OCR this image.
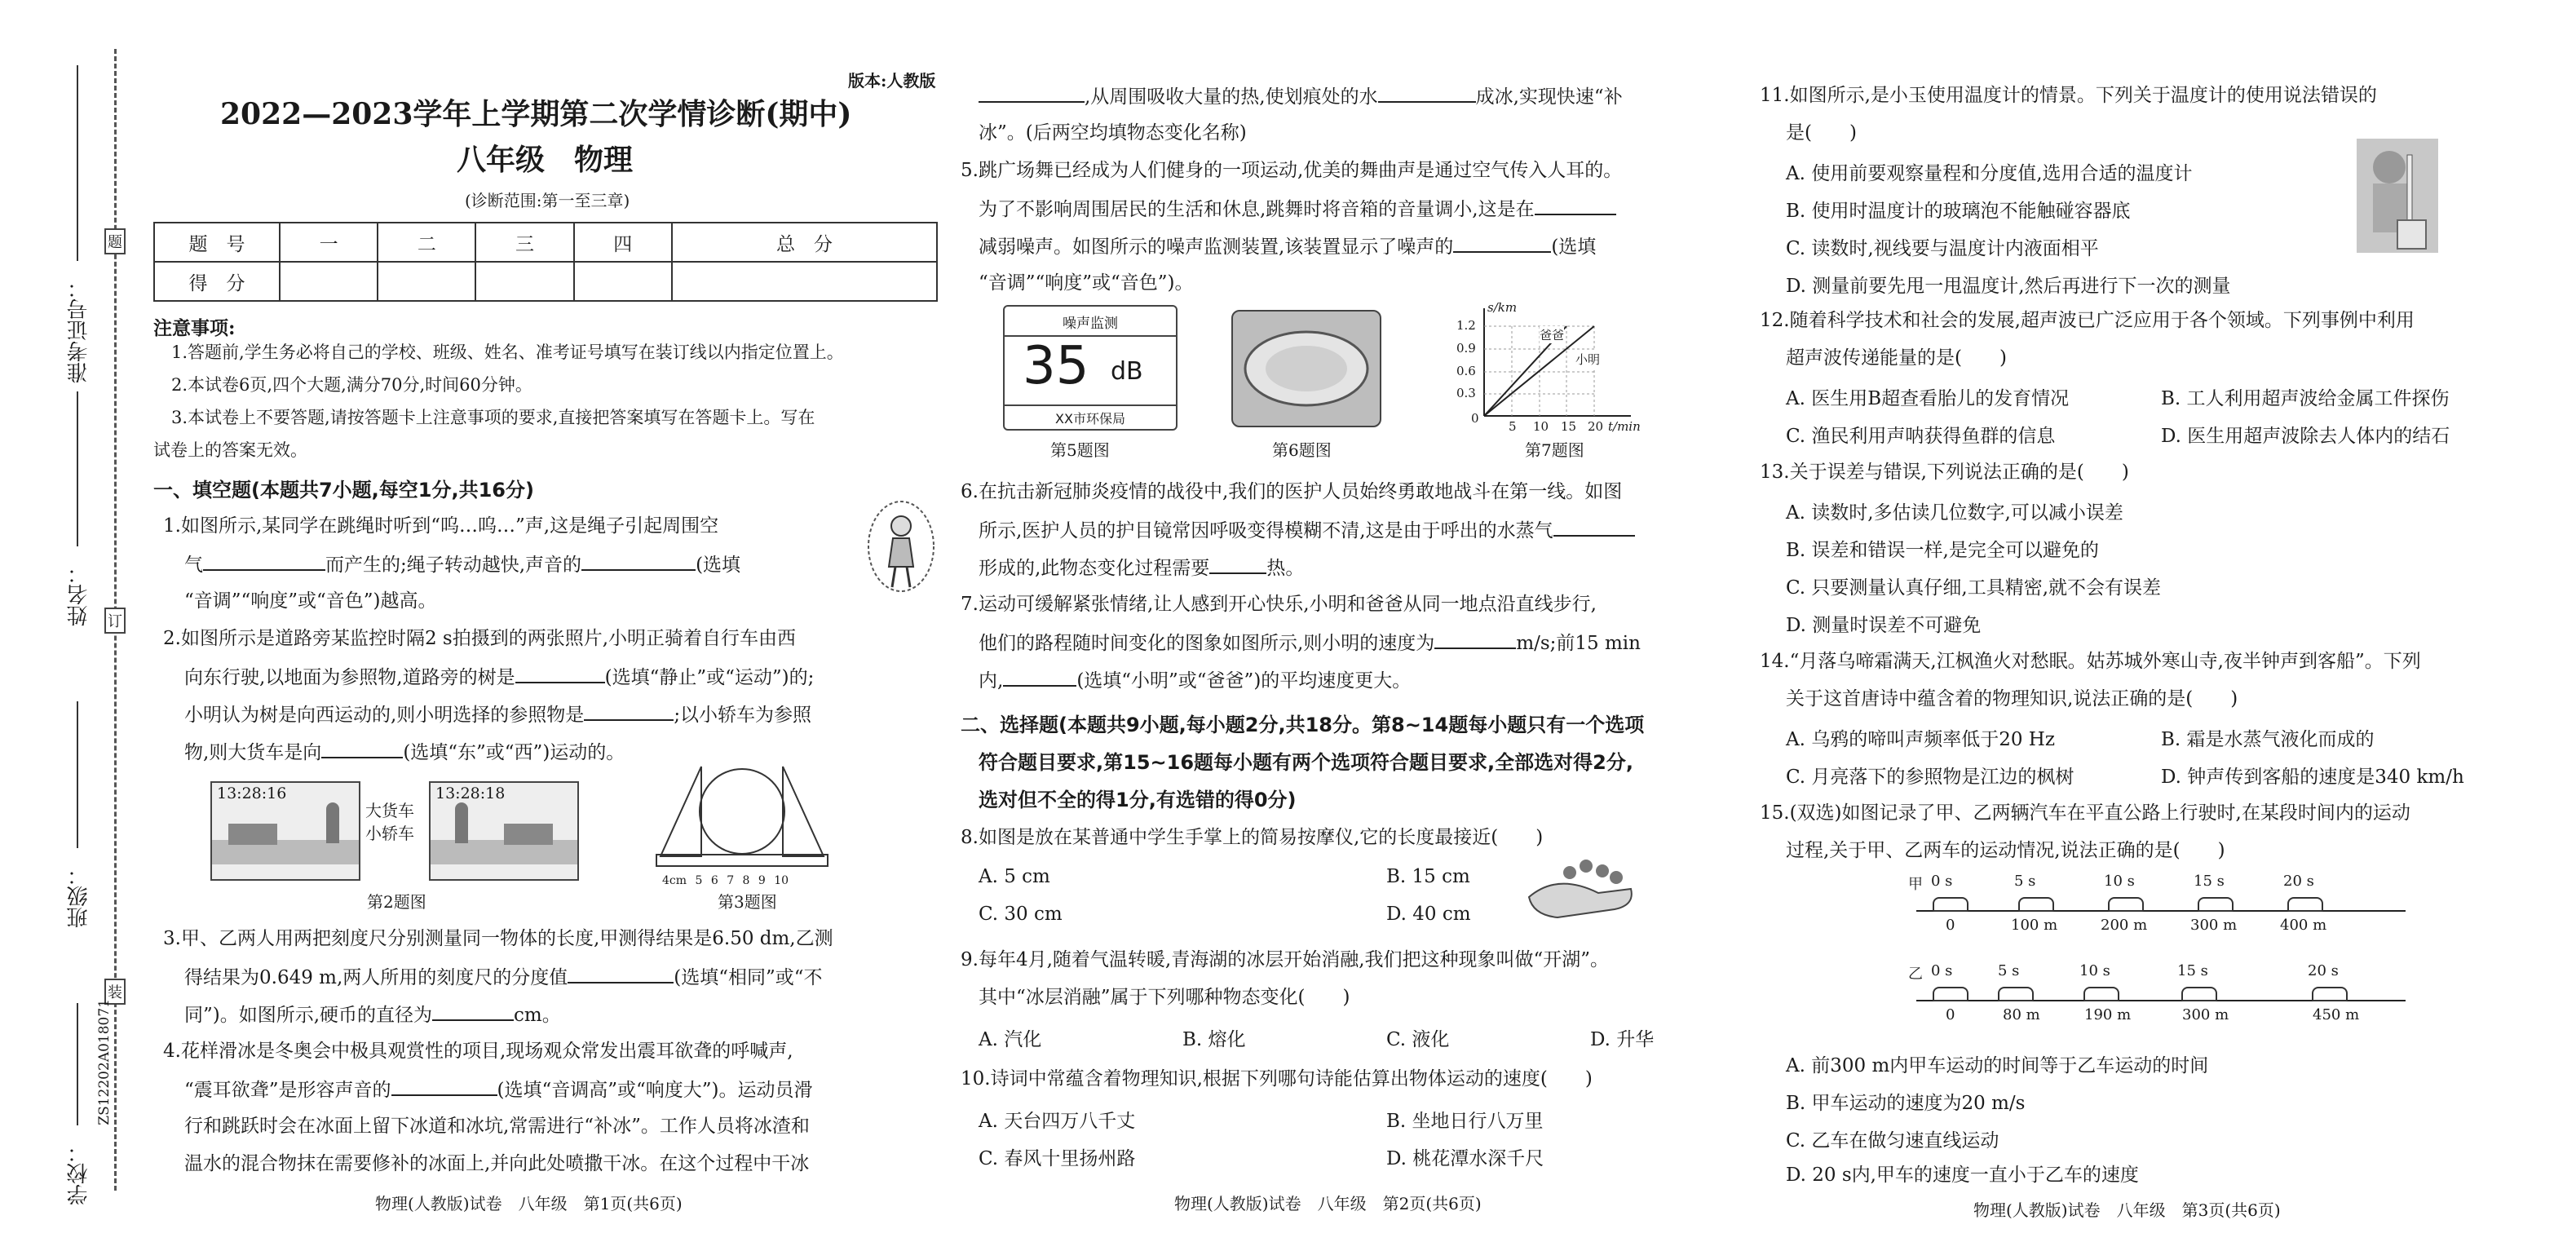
题
订
装
准考证号：
姓名：
班级：
学校：
ZS12202A018071
版本:人教版
2022—2023学年上学期第二次学情诊断(期中)
八年级　物理
(诊断范围:第一至三章)
题　号	一	二	三	四	总　分
得　分					
注意事项:
1.答题前,学生务必将自己的学校、班级、姓名、准考证号填写在装订线以内指定位置上。
2.本试卷6页,四个大题,满分70分,时间60分钟。
3.本试卷上不要答题,请按答题卡上注意事项的要求,直接把答案填写在答题卡上。写在
试卷上的答案无效。
一、填空题(本题共7小题,每空1分,共16分)
1.如图所示,某同学在跳绳时听到“呜…呜…”声,这是绳子引起周围空
气	而产生的;绳子转动越快,声音的	(选填
“音调”“响度”或“音色”)越高。
2.如图所示是道路旁某监控时隔2 s拍摄到的两张照片,小明正骑着自行车由西
向东行驶,以地面为参照物,道路旁的树是	(选填“静止”或“运动”)的;
小明认为树是向西运动的,则小明选择的参照物是	;以小轿车为参照
物,则大货车是向	(选填“东”或“西”)运动的。
13:28:16
大货车
小轿车
13:28:18
第2题图
4cm 5 6 7 8 9 10
第3题图
3.甲、乙两人用两把刻度尺分别测量同一物体的长度,甲测得结果是6.50 dm,乙测
得结果为0.649 m,两人所用的刻度尺的分度值	(选填“相同”或“不
同”)。如图所示,硬币的直径为	cm。
4.花样滑冰是冬奥会中极具观赏性的项目,现场观众常发出震耳欲聋的呼喊声,
“震耳欲聋”是形容声音的	(选填“音调高”或“响度大”)。运动员滑
行和跳跃时会在冰面上留下冰道和冰坑,常需进行“补冰”。工作人员将冰渣和
物理(人教版)试卷　八年级　第1页(共6页)
温水的混合物抹在需要修补的冰面上,并向此处喷撒干冰。在这个过程中干冰
,从周围吸收大量的热,使划痕处的水	成冰,实现快速“补
冰”。(后两空均填物态变化名称)
5.跳广场舞已经成为人们健身的一项运动,优美的舞曲声是通过空气传入人耳的。
为了不影响周围居民的生活和休息,跳舞时将音箱的音量调小,这是在
减弱噪声。如图所示的噪声监测装置,该装置显示了噪声的	(选填
“音调”“响度”或“音色”)。
噪声监测
35 dB
XX市环保局
第5题图	第6题图
s/km
1.2
0.9
0.6
0.3
0
5 10 15 20 t/min
爸爸
小明
第7题图
6.在抗击新冠肺炎疫情的战役中,我们的医护人员始终勇敢地战斗在第一线。如图
所示,医护人员的护目镜常因呼吸变得模糊不清,这是由于呼出的水蒸气
形成的,此物态变化过程需要	热。
7.运动可缓解紧张情绪,让人感到开心快乐,小明和爸爸从同一地点沿直线步行,
他们的路程随时间变化的图象如图所示,则小明的速度为	m/s;前15 min
内,	(选填“小明”或“爸爸”)的平均速度更大。
二、选择题(本题共9小题,每小题2分,共18分。第8~14题每小题只有一个选项
符合题目要求,第15~16题每小题有两个选项符合题目要求,全部选对得2分,
选对但不全的得1分,有选错的得0分)
8.如图是放在某普通中学生手掌上的简易按摩仪,它的长度最接近(　　)
A. 5 cm	B. 15 cm
C. 30 cm	D. 40 cm
9.每年4月,随着气温转暖,青海湖的冰层开始消融,我们把这种现象叫做“开湖”。
其中“冰层消融”属于下列哪种物态变化(　　)
A. 汽化	B. 熔化	C. 液化	D. 升华
10.诗词中常蕴含着物理知识,根据下列哪句诗能估算出物体运动的速度(　　)
A. 天台四万八千丈	B. 坐地日行八万里
C. 春风十里扬州路	D. 桃花潭水深千尺
物理(人教版)试卷　八年级　第2页(共6页)
11.如图所示,是小玉使用温度计的情景。下列关于温度计的使用说法错误的
是(　　)
A. 使用前要观察量程和分度值,选用合适的温度计
B. 使用时温度计的玻璃泡不能触碰容器底
C. 读数时,视线要与温度计内液面相平
D. 测量前要先甩一甩温度计,然后再进行下一次的测量
12.随着科学技术和社会的发展,超声波已广泛应用于各个领域。下列事例中利用
超声波传递能量的是(　　)
A. 医生用B超查看胎儿的发育情况	B. 工人利用超声波给金属工件探伤
C. 渔民利用声呐获得鱼群的信息	D. 医生用超声波除去人体内的结石
13.关于误差与错误,下列说法正确的是(　　)
A. 读数时,多估读几位数字,可以减小误差
B. 误差和错误一样,是完全可以避免的
C. 只要测量认真仔细,工具精密,就不会有误差
D. 测量时误差不可避免
14.“月落乌啼霜满天,江枫渔火对愁眠。姑苏城外寒山寺,夜半钟声到客船”。下列
关于这首唐诗中蕴含着的物理知识,说法正确的是(　　)
A. 乌鸦的啼叫声频率低于20 Hz	B. 霜是水蒸气液化而成的
C. 月亮落下的参照物是江边的枫树	D. 钟声传到客船的速度是340 km/h
15.(双选)如图记录了甲、乙两辆汽车在平直公路上行驶时,在某段时间内的运动
过程,关于甲、乙两车的运动情况,说法正确的是(　　)
甲 0 s	5 s	10 s	15 s	20 s
0	100 m	200 m	300 m	400 m
乙 0 s	5 s	10 s	15 s	20 s
0	80 m	190 m	300 m	450 m
A. 前300 m内甲车运动的时间等于乙车运动的时间
B. 甲车运动的速度为20 m/s
C. 乙车在做匀速直线运动
D. 20 s内,甲车的速度一直小于乙车的速度
物理(人教版)试卷　八年级　第3页(共6页)
